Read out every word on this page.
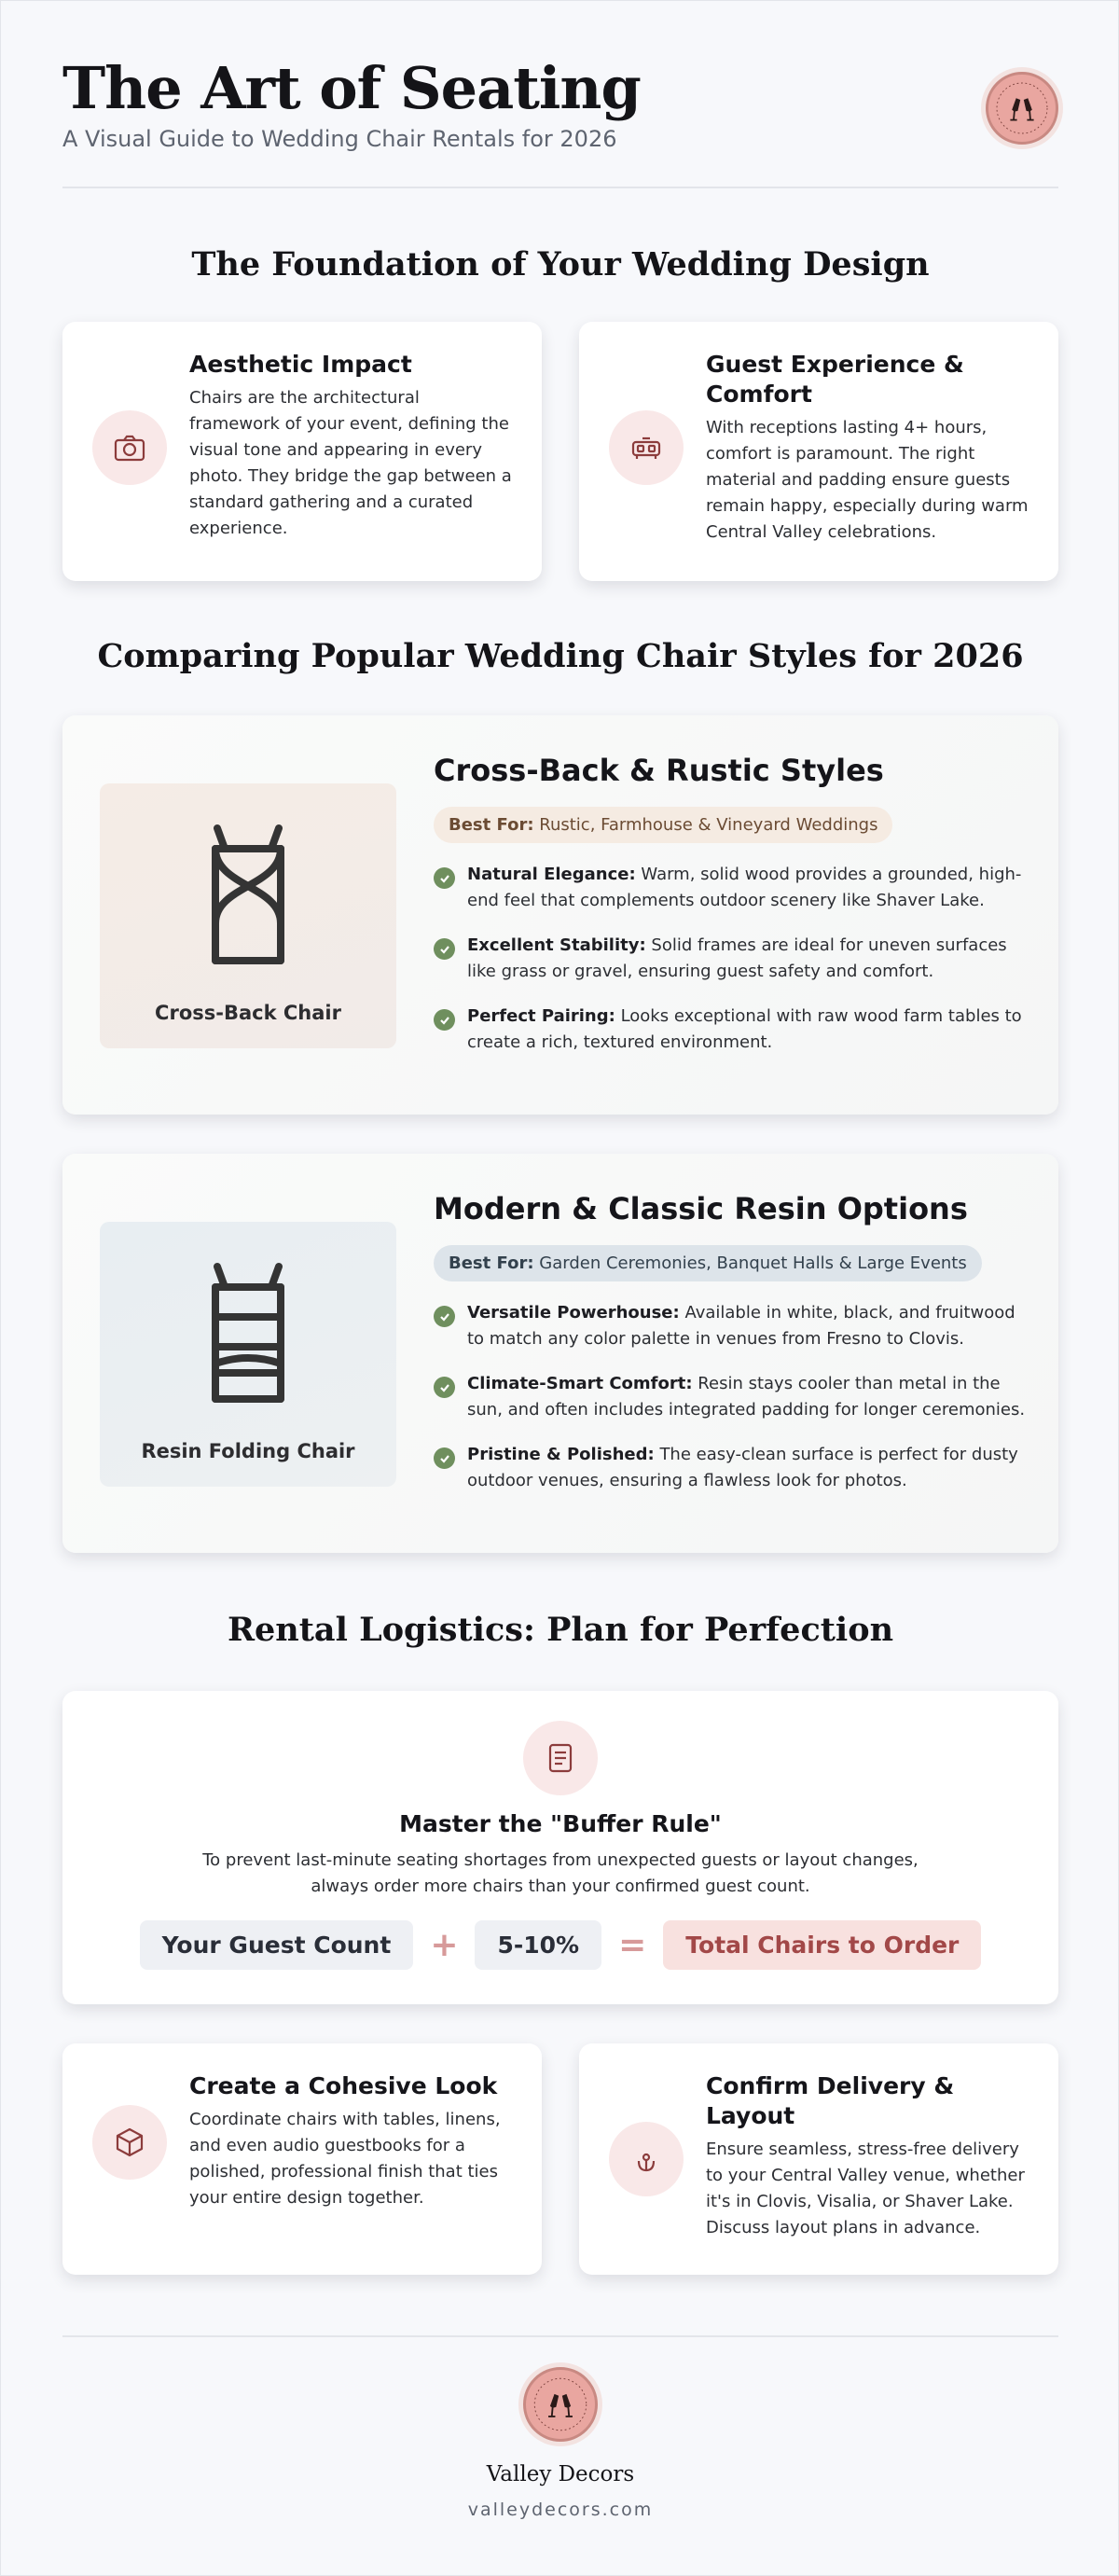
The Art of Seating
A Visual Guide to Wedding Chair Rentals for 2026
The Foundation of Your Wedding Design
Aesthetic Impact
Chairs are the architectural framework of your event, defining the visual tone and appearing in every photo. They bridge the gap between a standard gathering and a curated experience.
Guest Experience & Comfort
With receptions lasting 4+ hours, comfort is paramount. The right material and padding ensure guests remain happy, especially during warm Central Valley celebrations.
Comparing Popular Wedding Chair Styles for 2026
Cross-Back Chair
Cross-Back & Rustic Styles
Best For: Rustic, Farmhouse & Vineyard Weddings
Natural Elegance: Warm, solid wood provides a grounded, high-end feel that complements outdoor scenery like Shaver Lake.
Excellent Stability: Solid frames are ideal for uneven surfaces like grass or gravel, ensuring guest safety and comfort.
Perfect Pairing: Looks exceptional with raw wood farm tables to create a rich, textured environment.
Resin Folding Chair
Modern & Classic Resin Options
Best For: Garden Ceremonies, Banquet Halls & Large Events
Versatile Powerhouse: Available in white, black, and fruitwood to match any color palette in venues from Fresno to Clovis.
Climate-Smart Comfort: Resin stays cooler than metal in the sun, and often includes integrated padding for longer ceremonies.
Pristine & Polished: The easy-clean surface is perfect for dusty outdoor venues, ensuring a flawless look for photos.
Rental Logistics: Plan for Perfection
Master the "Buffer Rule"
To prevent last-minute seating shortages from unexpected guests or layout changes, always order more chairs than your confirmed guest count.
Your Guest Count	+	5-10%	=	Total Chairs to Order
Create a Cohesive Look
Coordinate chairs with tables, linens, and even audio guestbooks for a polished, professional finish that ties your entire design together.
Confirm Delivery & Layout
Ensure seamless, stress-free delivery to your Central Valley venue, whether it's in Clovis, Visalia, or Shaver Lake. Discuss layout plans in advance.
Valley Decors
valleydecors.com
